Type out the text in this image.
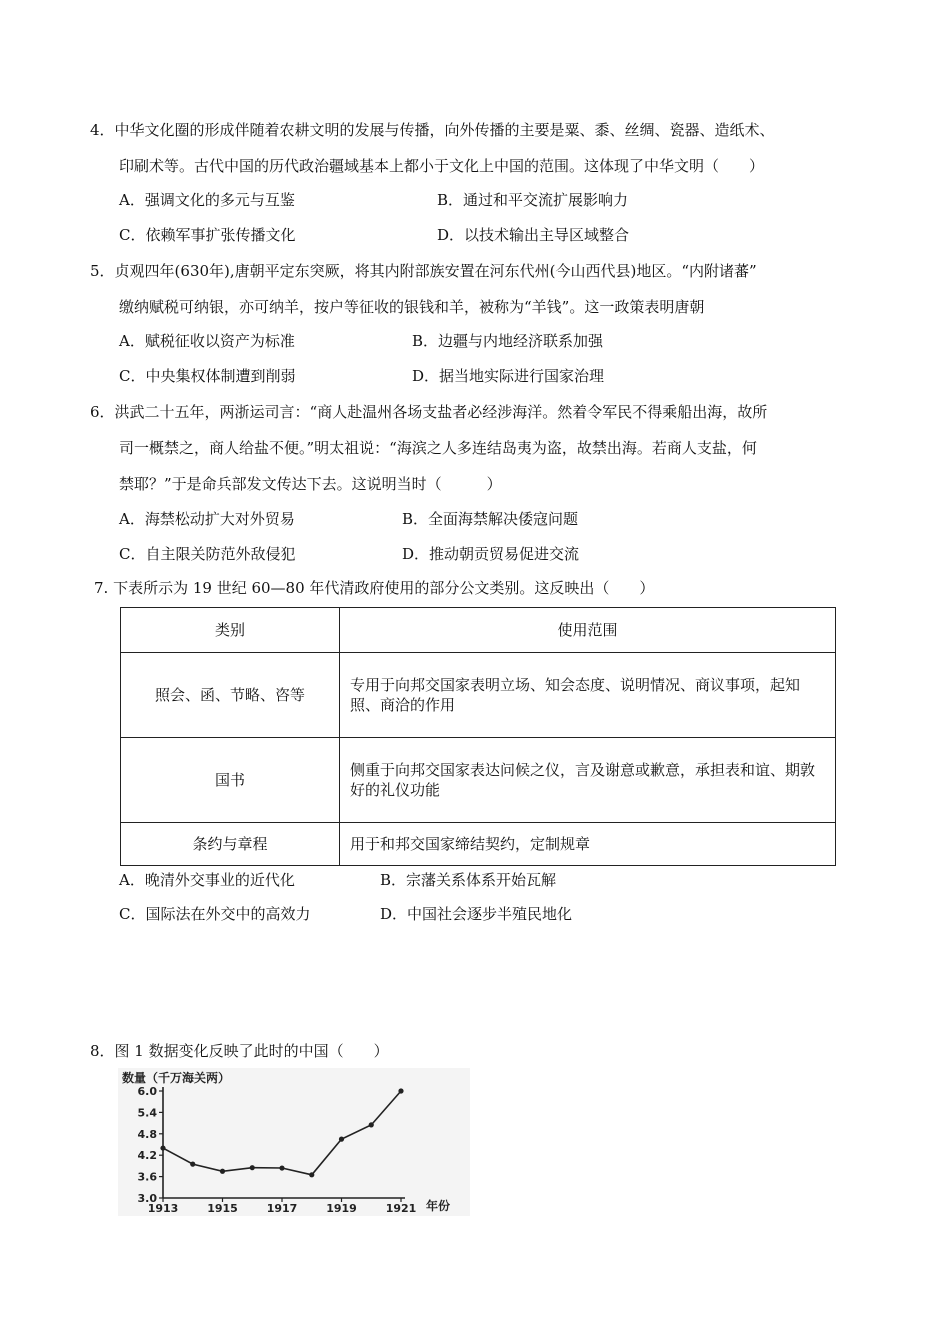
4．中华文化圈的形成伴随着农耕文明的发展与传播，向外传播的主要是粟、黍、丝绸、瓷器、造纸术、
印刷术等。古代中国的历代政治疆域基本上都小于文化上中国的范围。这体现了中华文明（　　）
A．强调文化的多元与互鉴	B．通过和平交流扩展影响力
C．依赖军事扩张传播文化	D．以技术输出主导区域整合
5．贞观四年(630年),唐朝平定东突厥，将其内附部族安置在河东代州(今山西代县)地区。“内附诸蕃”
缴纳赋税可纳银，亦可纳羊，按户等征收的银钱和羊，被称为“羊钱”。这一政策表明唐朝
A．赋税征收以资产为标准	B．边疆与内地经济联系加强
C．中央集权体制遭到削弱	D．据当地实际进行国家治理
6．洪武二十五年，两浙运司言：“商人赴温州各场支盐者必经涉海洋。然着令军民不得乘船出海，故所
司一概禁之，商人给盐不便。”明太祖说：“海滨之人多连结岛夷为盗，故禁出海。若商人支盐，何
禁耶？”于是命兵部发文传达下去。这说明当时（　　　）
A．海禁松动扩大对外贸易	B．全面海禁解决倭寇问题
C．自主限关防范外敌侵犯	D．推动朝贡贸易促进交流
7. 下表所示为 19 世纪 60—80 年代清政府使用的部分公文类别。这反映出（　　）
类别	使用范围
照会、函、节略、咨等	专用于向邦交国家表明立场、知会态度、说明情况、商议事项，起知照、商洽的作用
国书	侧重于向邦交国家表达问候之仪，言及谢意或歉意，承担表和谊、期敦好的礼仪功能
条约与章程	用于和邦交国家缔结契约，定制规章
A．晚清外交事业的近代化	B．宗藩关系体系开始瓦解
C．国际法在外交中的高效力	D．中国社会逐步半殖民地化
8．图 1 数据变化反映了此时的中国（　　）
数量（千万海关两）
年份
6.0
5.4
4.8
4.2
3.6
3.0
1913	1915	1917	1919	1921
